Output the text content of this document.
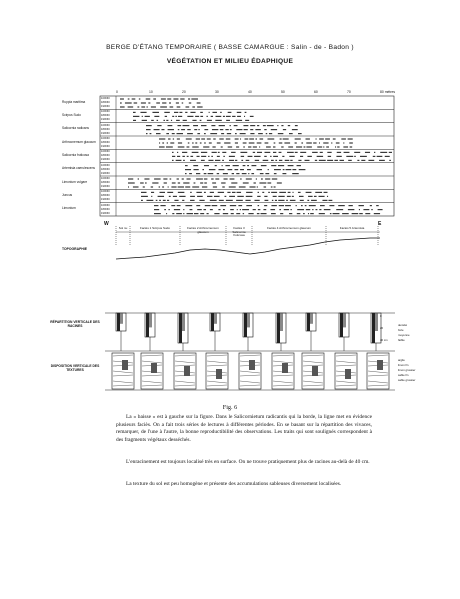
BERGE D'ÉTANG TEMPORAIRE ( BASSE CAMARGUE : Salin - de - Badon )
VÉGÉTATION ET MILIEU ÉDAPHIQUE
0	10	20	30	40	50	60	70	80 mètres
Ruppia maritima
10/6/60
18/6/60
19/6/60
Scirpus Sudo
10/6/60
18/6/60
19/6/60
Salicornia radicans
10/6/60
18/6/60
19/6/60
Arthrocnemum glaucum
10/6/60
18/6/60
19/6/60
Salicornia fruticosa
10/6/60
18/6/60
19/6/60
Artemisia caerulescens
10/6/60
18/6/60
19/6/60
Limonium vulgare
10/6/60
18/6/60
19/6/60
Juncus
10/6/60
18/6/60
19/6/60
Limonium
10/6/60
18/6/60
19/6/60
W	E
TOPOGRAPHIE
Sol nu	Faciès 1 Scirpus Sudo	Faciès 2 Arthrocnemum glaucum
Faciès 3 Salicornia fruticosa
Faciès 4 Arthrocnemum glaucum	Faciès 5 Artemisia
RÉPARTITION VERTICALE DES RACINES
DISPOSITION VERTICALE DES TEXTURES
densité
forte
moyenne
faible
argile
limon fin
limon grossier
sable fin
sable grossier
0
20
40 cm
Fig. 6
La « baisse » est à gauche sur la figure. Dans le Salicornietum radicantis qui la borde, la ligne met en évidence plusieurs faciès. On a fait trois séries de lectures à différentes périodes. En se basant sur la répartition des vivaces, remarquer, de l'une à l'autre, la bonne reproductibilité des observations. Les traits qui sont soulignés correspondent à des fragments végétaux desséchés.
L'enracinement est toujours localisé très en surface. On ne trouve pratiquement plus de racines au-delà de 40 cm.
La texture du sol est peu homogène et présente des accumulations sableuses diversement localisées.
